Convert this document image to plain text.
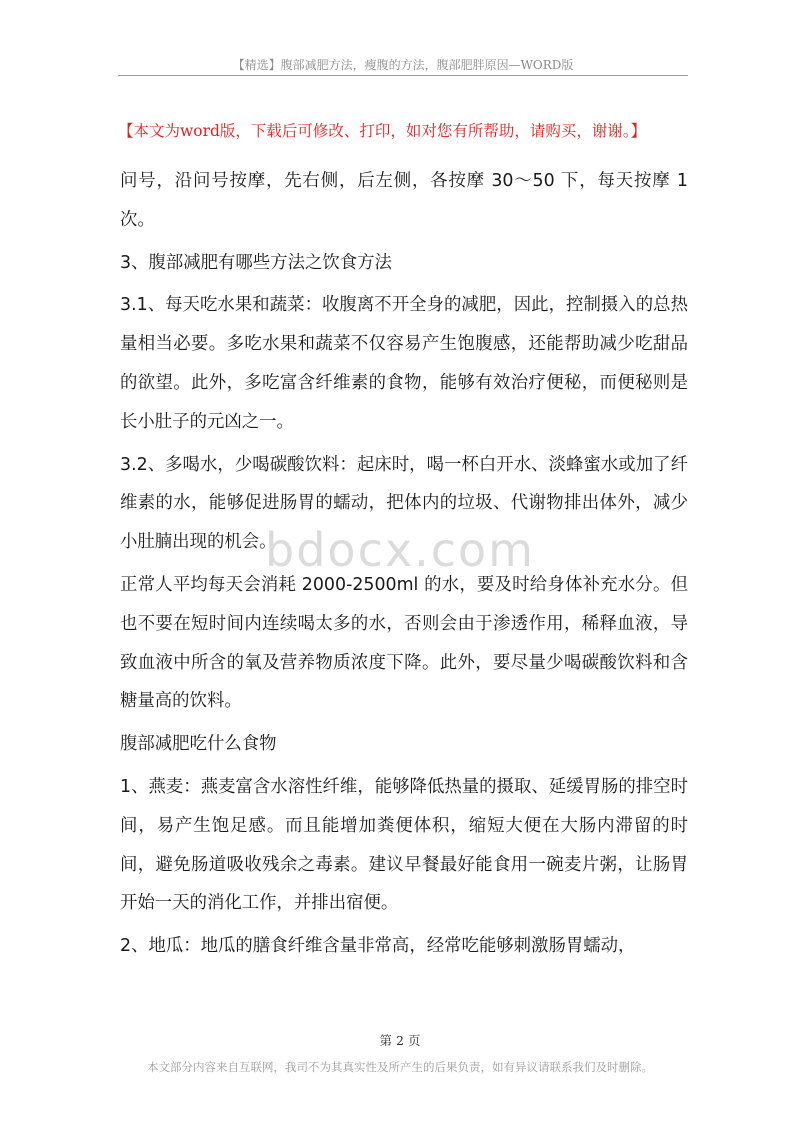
【精选】腹部减肥方法，瘦腹的方法，腹部肥胖原因—WORD版
【本文为word版，下载后可修改、打印，如对您有所帮助，请购买，谢谢。】

问号，沿问号按摩，先右侧，后左侧，各按摩 30～50 下，每天按摩 1 次。

3、腹部减肥有哪些方法之饮食方法

3.1、每天吃水果和蔬菜：收腹离不开全身的减肥，因此，控制摄入的总热量相当必要。多吃水果和蔬菜不仅容易产生饱腹感，还能帮助减少吃甜品的欲望。此外，多吃富含纤维素的食物，能够有效治疗便秘，而便秘则是长小肚子的元凶之一。

3.2、多喝水，少喝碳酸饮料：起床时，喝一杯白开水、淡蜂蜜水或加了纤维素的水，能够促进肠胃的蠕动，把体内的垃圾、代谢物排出体外，减少小肚腩出现的机会。

正常人平均每天会消耗 2000-2500ml 的水，要及时给身体补充水分。但也不要在短时间内连续喝太多的水，否则会由于渗透作用，稀释血液，导致血液中所含的氧及营养物质浓度下降。此外，要尽量少喝碳酸饮料和含糖量高的饮料。

腹部减肥吃什么食物

1、燕麦：燕麦富含水溶性纤维，能够降低热量的摄取、延缓胃肠的排空时间，易产生饱足感。而且能增加粪便体积，缩短大便在大肠内滞留的时间，避免肠道吸收残余之毒素。建议早餐最好能食用一碗麦片粥，让肠胃开始一天的消化工作，并排出宿便。

2、地瓜：地瓜的膳食纤维含量非常高，经常吃能够刺激肠胃蠕动，

bdocx.com
第 2 页
本文部分内容来自互联网，我司不为其真实性及所产生的后果负责，如有异议请联系我们及时删除。
